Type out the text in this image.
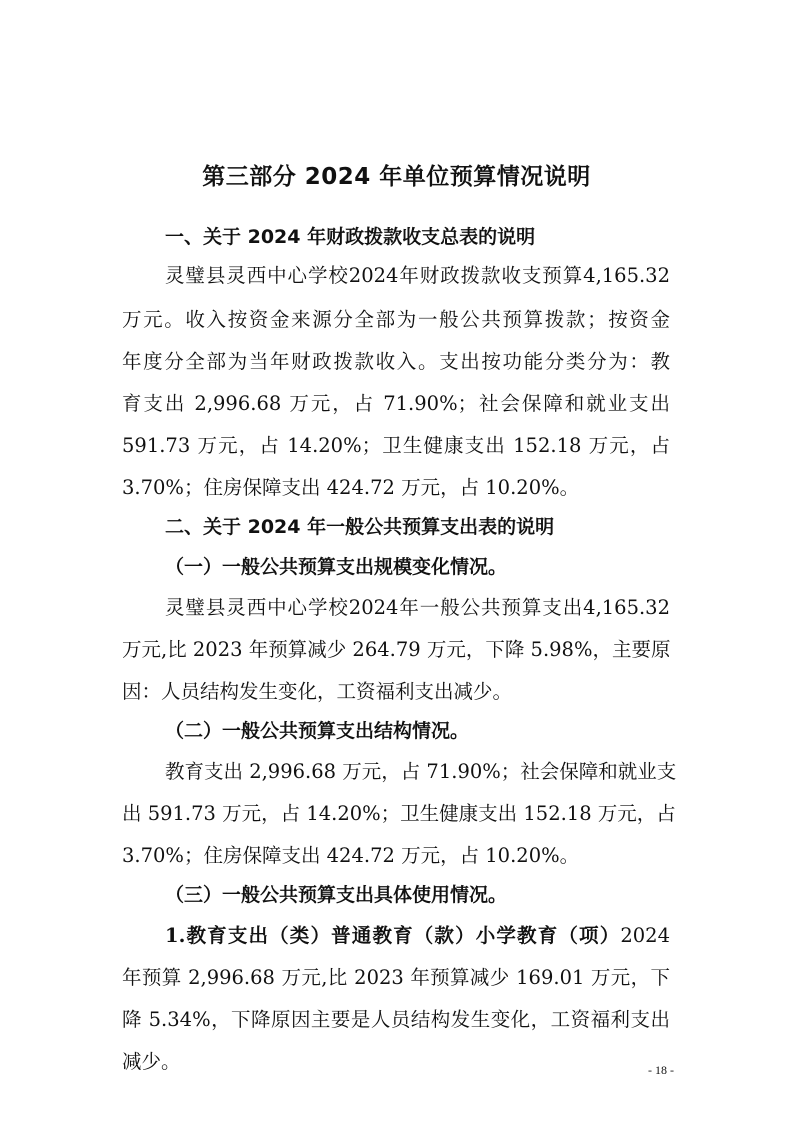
第三部分 2024 年单位预算情况说明
一、关于 2024 年财政拨款收支总表的说明
灵璧县灵西中心学校2024年财政拨款收支预算4,165.32
万元。收入按资金来源分全部为一般公共预算拨款；按资金
年度分全部为当年财政拨款收入。支出按功能分类分为：教
育支出 2,996.68 万元，占 71.90%；社会保障和就业支出
591.73 万元，占 14.20%；卫生健康支出 152.18 万元，占
3.70%；住房保障支出 424.72 万元，占 10.20%。
二、关于 2024 年一般公共预算支出表的说明
（一）一般公共预算支出规模变化情况。
灵璧县灵西中心学校2024年一般公共预算支出4,165.32
万元,比 2023 年预算减少 264.79 万元，下降 5.98%，主要原
因：人员结构发生变化，工资福利支出减少。
（二）一般公共预算支出结构情况。
教育支出 2,996.68 万元，占 71.90%；社会保障和就业支
出 591.73 万元，占 14.20%；卫生健康支出 152.18 万元，占
3.70%；住房保障支出 424.72 万元，占 10.20%。
（三）一般公共预算支出具体使用情况。
1.教育支出（类）普通教育（款）小学教育（项）2024
年预算 2,996.68 万元,比 2023 年预算减少 169.01 万元，下
降 5.34%，下降原因主要是人员结构发生变化，工资福利支出
减少。	- 18 -
